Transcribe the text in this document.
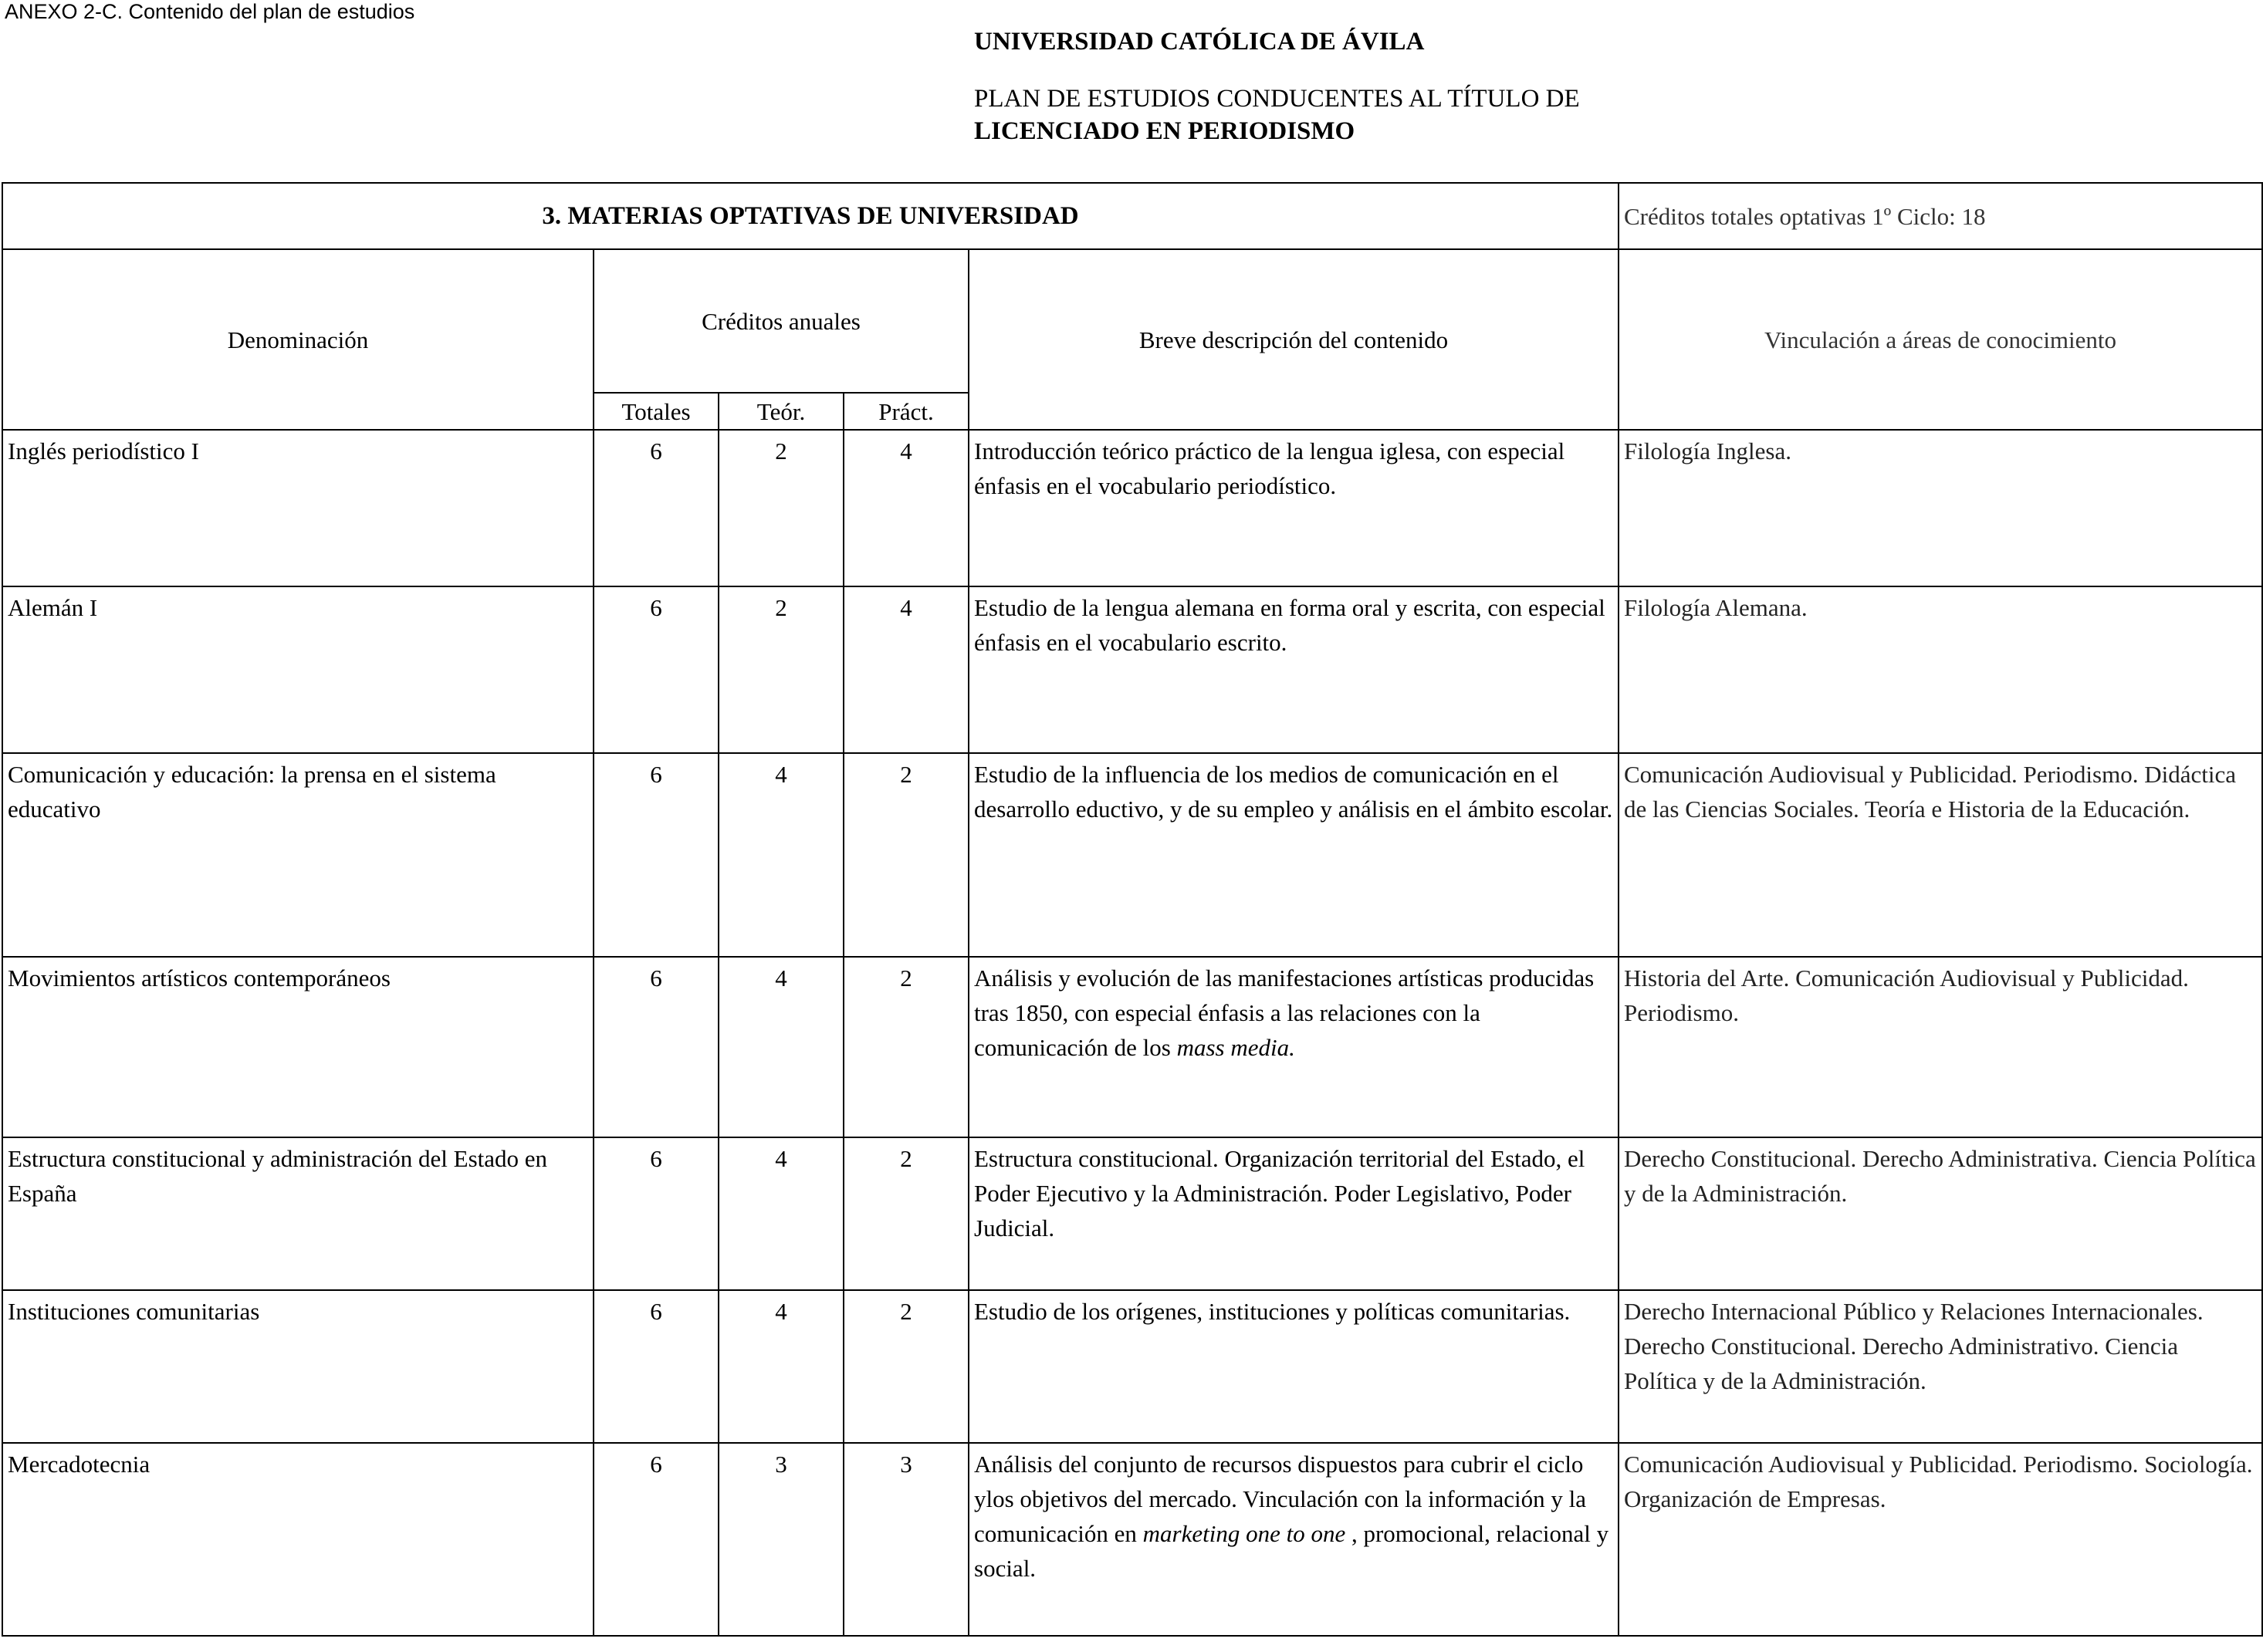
ANEXO 2-C. Contenido del plan de estudios
UNIVERSIDAD CATÓLICA DE ÁVILA
PLAN DE ESTUDIOS CONDUCENTES AL TÍTULO DE
LICENCIADO EN PERIODISMO
3. MATERIAS OPTATIVAS DE UNIVERSIDAD					Créditos totales optativas 1º Ciclo: 18
Denominación	Créditos anuales			Breve descripción del contenido	Vinculación a áreas de conocimiento
	Totales	Teór.	Práct.		
Inglés periodístico I	6	2	4	Introducción teórico práctico de la lengua iglesa, con especial énfasis en el vocabulario periodístico.	Filología Inglesa.
Alemán I	6	2	4	Estudio de la lengua alemana en forma oral y escrita, con especial énfasis en el vocabulario escrito.	Filología Alemana.
Comunicación y educación: la prensa en el sistema educativo	6	4	2	Estudio de la influencia de los medios de comunicación en el desarrollo eductivo, y de su empleo y análisis en el ámbito escolar.	Comunicación Audiovisual y Publicidad. Periodismo. Didáctica de las Ciencias Sociales. Teoría e Historia de la Educación.
Movimientos artísticos contemporáneos	6	4	2	Análisis y evolución de las manifestaciones artísticas producidas tras 1850, con especial énfasis a las relaciones con la comunicación de los mass media.	Historia del Arte. Comunicación Audiovisual y Publicidad. Periodismo.
Estructura constitucional y administración del Estado en España	6	4	2	Estructura constitucional. Organización territorial del Estado, el Poder Ejecutivo y la Administración. Poder Legislativo, Poder Judicial.	Derecho Constitucional. Derecho Administrativa. Ciencia Política y de la Administración.
Instituciones comunitarias	6	4	2	Estudio de los orígenes, instituciones y políticas comunitarias.	Derecho Internacional Público y Relaciones Internacionales. Derecho Constitucional. Derecho Administrativo. Ciencia Política y de la Administración.
Mercadotecnia	6	3	3	Análisis del conjunto de recursos dispuestos para cubrir el ciclo ylos objetivos del mercado. Vinculación con la información y la comunicación en marketing one to one , promocional, relacional y social.	Comunicación Audiovisual y Publicidad. Periodismo. Sociología. Organización de Empresas.
